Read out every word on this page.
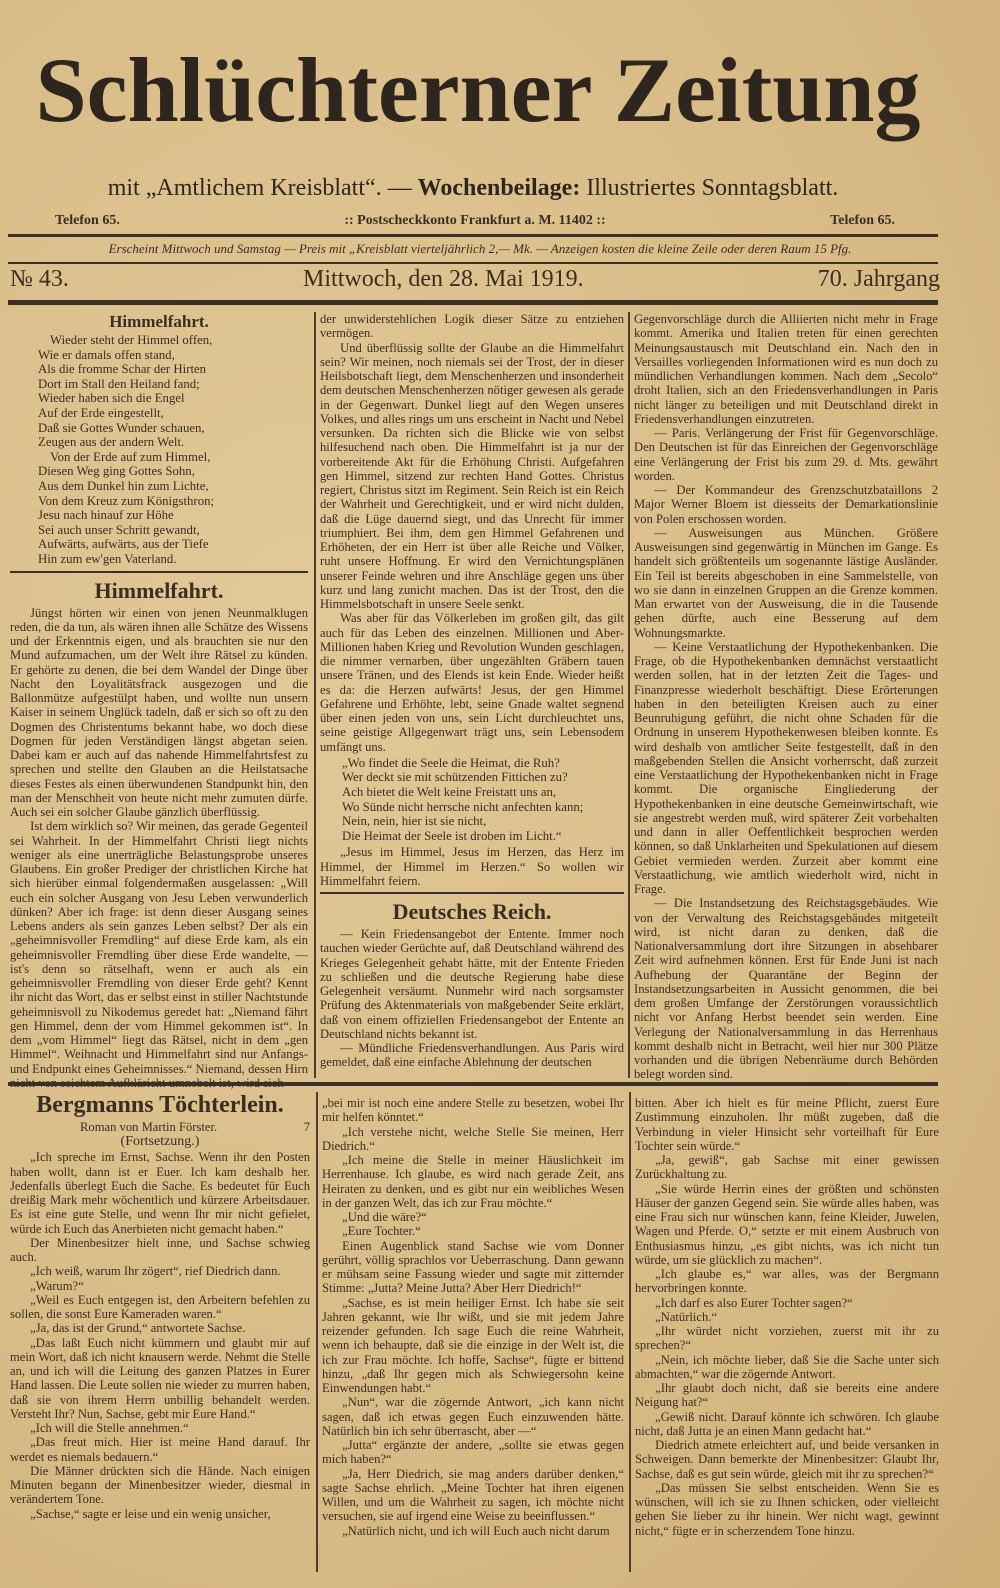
Schlüchterner Zeitung
mit „Amtlichem Kreisblatt“. — Wochenbeilage: Illustriertes Sonntagsblatt.
Telefon 65.	:: Postscheckkonto Frankfurt a. M. 11402 ::	Telefon 65.
Erscheint Mittwoch und Samstag — Preis mit „Kreisblatt vierteljährlich 2,— Mk. — Anzeigen kosten die kleine Zeile oder deren Raum 15 Pfg.
№ 43.	Mittwoch, den 28. Mai 1919.	70. Jahrgang
Himmelfahrt.
Wieder steht der Himmel offen,
Wie er damals offen stand,
Als die fromme Schar der Hirten
Dort im Stall den Heiland fand;
Wieder haben sich die Engel
Auf der Erde eingestellt,
Daß sie Gottes Wunder schauen,
Zeugen aus der andern Welt.
Von der Erde auf zum Himmel,
Diesen Weg ging Gottes Sohn,
Aus dem Dunkel hin zum Lichte,
Von dem Kreuz zum Königsthron;
Jesu nach hinauf zur Höhe
Sei auch unser Schritt gewandt,
Aufwärts, aufwärts, aus der Tiefe
Hin zum ew'gen Vaterland.
Himmelfahrt.

Jüngst hörten wir einen von jenen Neunmalklugen reden, die da tun, als wären ihnen alle Schätze des Wissens und der Erkenntnis eigen, und als brauchten sie nur den Mund aufzumachen, um der Welt ihre Rätsel zu künden. Er gehörte zu denen, die bei dem Wandel der Dinge über Nacht den Loyalitätsfrack ausgezogen und die Ballonmütze aufgestülpt haben, und wollte nun unsern Kaiser in seinem Unglück tadeln, daß er sich so oft zu den Dogmen des Christentums bekannt habe, wo doch diese Dogmen für jeden Verständigen längst abgetan seien. Dabei kam er auch auf das nahende Himmelfahrtsfest zu sprechen und stellte den Glauben an die Heilstatsache dieses Festes als einen überwundenen Standpunkt hin, den man der Menschheit von heute nicht mehr zumuten dürfe. Auch sei ein solcher Glaube gänzlich überflüssig.

Ist dem wirklich so? Wir meinen, das gerade Gegenteil sei Wahrheit. In der Himmelfahrt Christi liegt nichts weniger als eine unerträgliche Belastungsprobe unseres Glaubens. Ein großer Prediger der christlichen Kirche hat sich hierüber einmal folgendermaßen ausgelassen: „Will euch ein solcher Ausgang von Jesu Leben verwunderlich dünken? Aber ich frage: ist denn dieser Ausgang seines Lebens anders als sein ganzes Leben selbst? Der als ein „geheimnisvoller Fremdling“ auf diese Erde kam, als ein geheimnisvoller Fremdling über diese Erde wandelte, — ist's denn so rätselhaft, wenn er auch als ein geheimnisvoller Fremdling von dieser Erde geht? Kennt ihr nicht das Wort, das er selbst einst in stiller Nachtstunde geheimnisvoll zu Nikodemus geredet hat: „Niemand fährt gen Himmel, denn der vom Himmel gekommen ist“. In dem „vom Himmel“ liegt das Rätsel, nicht in dem „gen Himmel“. Weihnacht und Himmelfahrt sind nur Anfangs- und Endpunkt eines Geheimnisses.“ Niemand, dessen Hirn

der unwiderstehlichen Logik dieser Sätze zu entziehen vermögen.

Und überflüssig sollte der Glaube an die Himmelfahrt sein? Wir meinen, noch niemals sei der Trost, der in dieser Heilsbotschaft liegt, dem Menschenherzen und insonderheit dem deutschen Menschenherzen nötiger gewesen als gerade in der Gegenwart. Dunkel liegt auf den Wegen unseres Volkes, und alles rings um uns erscheint in Nacht und Nebel versunken. Da richten sich die Blicke wie von selbst hilfesuchend nach oben. Die Himmelfahrt ist ja nur der vorbereitende Akt für die Erhöhung Christi. Aufgefahren gen Himmel, sitzend zur rechten Hand Gottes. Christus regiert, Christus sitzt im Regiment. Sein Reich ist ein Reich der Wahrheit und Gerechtigkeit, und er wird nicht dulden, daß die Lüge dauernd siegt, und das Unrecht für immer triumphiert. Bei ihm, dem gen Himmel Gefahrenen und Erhöheten, der ein Herr ist über alle Reiche und Völker, ruht unsere Hoffnung. Er wird den Vernichtungsplänen unserer Feinde wehren und ihre Anschläge gegen uns über kurz und lang zunicht machen. Das ist der Trost, den die Himmelsbotschaft in unsere Seele senkt.

Was aber für das Völkerleben im großen gilt, das gilt auch für das Leben des einzelnen. Millionen und Aber-Millionen haben Krieg und Revolution Wunden geschlagen, die nimmer vernarben, über ungezählten Gräbern tauen unsere Tränen, und des Elends ist kein Ende. Wieder heißt es da: die Herzen aufwärts! Jesus, der gen Himmel Gefahrene und Erhöhte, lebt, seine Gnade waltet segnend über einen jeden von uns, sein Licht durchleuchtet uns, seine geistige Allgegenwart trägt uns, sein Lebensodem umfängt uns.

„Wo findet die Seele die Heimat, die Ruh?
Wer deckt sie mit schützenden Fittichen zu?
Ach bietet die Welt keine Freistatt uns an,
Wo Sünde nicht herrsche nicht anfechten kann;
Nein, nein, hier ist sie nicht,
Die Heimat der Seele ist droben im Licht.“

„Jesus im Himmel, Jesus im Herzen, das Herz im Himmel, der Himmel im Herzen.“ So wollen wir Himmelfahrt feiern.

Deutsches Reich.

— Kein Friedensangebot der Entente. Immer noch tauchen wieder Gerüchte auf, daß Deutschland während des Krieges Gelegenheit gehabt hätte, mit der Entente Frieden zu schließen und die deutsche Regierung habe diese Gelegenheit versäumt. Nunmehr wird nach sorgsamster Prüfung des Aktenmaterials von maßgebender Seite erklärt, daß von einem offiziellen Friedensangebot der Entente an Deutschland nichts bekannt ist.

— Mündliche Friedensverhandlungen. Aus Paris wird gemeldet, daß eine einfache Ablehnung der deutschen

Gegenvorschläge durch die Alliierten nicht mehr in Frage kommt. Amerika und Italien treten für einen gerechten Meinungsaustausch mit Deutschland ein. Nach den in Versailles vorliegenden Informationen wird es nun doch zu mündlichen Verhandlungen kommen. Nach dem „Secolo“ droht Italien, sich an den Friedensverhandlungen in Paris nicht länger zu beteiligen und mit Deutschland direkt in Friedensverhandlungen einzutreten.

— Paris. Verlängerung der Frist für Gegenvorschläge. Den Deutschen ist für das Einreichen der Gegenvorschläge eine Verlängerung der Frist bis zum 29. d. Mts. gewährt worden.

— Der Kommandeur des Grenzschutzbataillons 2 Major Werner Bloem ist diesseits der Demarkationslinie von Polen erschossen worden.

— Ausweisungen aus München. Größere Ausweisungen sind gegenwärtig in München im Gange. Es handelt sich größtenteils um sogenannte lästige Ausländer. Ein Teil ist bereits abgeschoben in eine Sammelstelle, von wo sie dann in einzelnen Gruppen an die Grenze kommen. Man erwartet von der Ausweisung, die in die Tausende gehen dürfte, auch eine Besserung auf dem Wohnungsmarkte.

— Keine Verstaatlichung der Hypothekenbanken. Die Frage, ob die Hypothekenbanken demnächst verstaatlicht werden sollen, hat in der letzten Zeit die Tages- und Finanzpresse wiederholt beschäftigt. Diese Erörterungen haben in den beteiligten Kreisen auch zu einer Beunruhigung geführt, die nicht ohne Schaden für die Ordnung in unserem Hypothekenwesen bleiben konnte. Es wird deshalb von amtlicher Seite festgestellt, daß in den maßgebenden Stellen die Ansicht vorherrscht, daß zurzeit eine Verstaatlichung der Hypothekenbanken nicht in Frage kommt. Die organische Eingliederung der Hypothekenbanken in eine deutsche Gemeinwirtschaft, wie sie angestrebt werden muß, wird späterer Zeit vorbehalten und dann in aller Oeffentlichkeit besprochen werden können, so daß Unklarheiten und Spekulationen auf diesem Gebiet vermieden werden. Zurzeit aber kommt eine Verstaatlichung, wie amtlich wiederholt wird, nicht in Frage.

— Die Instandsetzung des Reichstagsgebäudes. Wie von der Verwaltung des Reichstagsgebäudes mitgeteilt wird, ist nicht daran zu denken, daß die Nationalversammlung dort ihre Sitzungen in absehbarer Zeit wird aufnehmen können. Erst für Ende Juni ist nach Aufhebung der Quarantäne der Beginn der Instandsetzungsarbeiten in Aussicht genommen, die bei dem großen Umfange der Zerstörungen voraussichtlich nicht vor Anfang Herbst beendet sein werden. Eine Verlegung der Nationalversammlung in das Herrenhaus kommt deshalb nicht in Betracht, weil hier nur 300 Plätze vorhanden und die übrigen Nebenräume durch Behörden belegt worden sind.

Bergmanns Töchterlein.
Roman von Martin Förster.	7
(Fortsetzung.)

„Ich spreche im Ernst, Sachse. Wenn ihr den Posten haben wollt, dann ist er Euer. Ich kam deshalb her. Jedenfalls überlegt Euch die Sache. Es bedeutet für Euch dreißig Mark mehr wöchentlich und kürzere Arbeitsdauer. Es ist eine gute Stelle, und wenn Ihr mir nicht gefielet, würde ich Euch das Anerbieten nicht gemacht haben.“

Der Minenbesitzer hielt inne, und Sachse schwieg auch.

„Ich weiß, warum Ihr zögert“, rief Diedrich dann.

„Warum?“

„Weil es Euch entgegen ist, den Arbeitern befehlen zu sollen, die sonst Eure Kameraden waren.“

„Ja, das ist der Grund,“ antwortete Sachse.

„Das laßt Euch nicht kümmern und glaubt mir auf mein Wort, daß ich nicht knausern werde. Nehmt die Stelle an, und ich will die Leitung des ganzen Platzes in Eurer Hand lassen. Die Leute sollen nie wieder zu murren haben, daß sie von ihrem Herrn unbillig behandelt werden. Versteht Ihr? Nun, Sachse, gebt mir Eure Hand.“

„Ich will die Stelle annehmen.“

„Das freut mich. Hier ist meine Hand darauf. Ihr werdet es niemals bedauern.“

Die Männer drückten sich die Hände. Nach einigen Minuten begann der Minenbesitzer wieder, diesmal in verändertem Tone.

„Sachse,“ sagte er leise und ein wenig unsicher,

„bei mir ist noch eine andere Stelle zu besetzen, wobei Ihr mir helfen könntet.“

„Ich verstehe nicht, welche Stelle Sie meinen, Herr Diedrich.“

„Ich meine die Stelle in meiner Häuslichkeit im Herrenhause. Ich glaube, es wird nach gerade Zeit, ans Heiraten zu denken, und es gibt nur ein weibliches Wesen in der ganzen Welt, das ich zur Frau möchte.“

„Und die wäre?“

„Eure Tochter.“

Einen Augenblick stand Sachse wie vom Donner gerührt, völlig sprachlos vor Ueberraschung. Dann gewann er mühsam seine Fassung wieder und sagte mit zitternder Stimme: „Jutta? Meine Jutta? Aber Herr Diedrich!“

„Sachse, es ist mein heiliger Ernst. Ich habe sie seit Jahren gekannt, wie Ihr wißt, und sie mit jedem Jahre reizender gefunden. Ich sage Euch die reine Wahrheit, wenn ich behaupte, daß sie die einzige in der Welt ist, die ich zur Frau möchte. Ich hoffe, Sachse“, fügte er bittend hinzu, „daß Ihr gegen mich als Schwiegersohn keine Einwendungen habt.“

„Nun“, war die zögernde Antwort, „ich kann nicht sagen, daß ich etwas gegen Euch einzuwenden hätte. Natürlich bin ich sehr überrascht, aber —“

„Jutta“ ergänzte der andere, „sollte sie etwas gegen mich haben?“

„Ja, Herr Diedrich, sie mag anders darüber denken,“ sagte Sachse ehrlich. „Meine Tochter hat ihren eigenen Willen, und um die Wahrheit zu sagen, ich möchte nicht versuchen, sie auf irgend eine Weise zu beeinflussen.“

„Natürlich nicht, und ich will Euch auch nicht darum

bitten. Aber ich hielt es für meine Pflicht, zuerst Eure Zustimmung einzuholen. Ihr müßt zugeben, daß die Verbindung in vieler Hinsicht sehr vorteilhaft für Eure Tochter sein würde.“

„Ja, gewiß“, gab Sachse mit einer gewissen Zurückhaltung zu.

„Sie würde Herrin eines der größten und schönsten Häuser der ganzen Gegend sein. Sie würde alles haben, was eine Frau sich nur wünschen kann, feine Kleider, Juwelen, Wagen und Pferde. O,“ setzte er mit einem Ausbruch von Enthusiasmus hinzu, „es gibt nichts, was ich nicht tun würde, um sie glücklich zu machen“.

„Ich glaube es,“ war alles, was der Bergmann hervorbringen konnte.

„Ich darf es also Eurer Tochter sagen?“

„Natürlich.“

„Ihr würdet nicht vorziehen, zuerst mit ihr zu sprechen?“

„Nein, ich möchte lieber, daß Sie die Sache unter sich abmachten,“ war die zögernde Antwort.

„Ihr glaubt doch nicht, daß sie bereits eine andere Neigung hat?“

„Gewiß nicht. Darauf könnte ich schwören. Ich glaube nicht, daß Jutta je an einen Mann gedacht hat.“

Diedrich atmete erleichtert auf, und beide versanken in Schweigen. Dann bemerkte der Minenbesitzer: Glaubt Ihr, Sachse, daß es gut sein würde, gleich mit ihr zu sprechen?“

„Das müssen Sie selbst entscheiden. Wenn Sie es wünschen, will ich sie zu Ihnen schicken, oder vielleicht gehen Sie lieber zu ihr hinein. Wer nicht wagt, gewinnt nicht,“ fügte er in scherzendem Tone hinzu.
